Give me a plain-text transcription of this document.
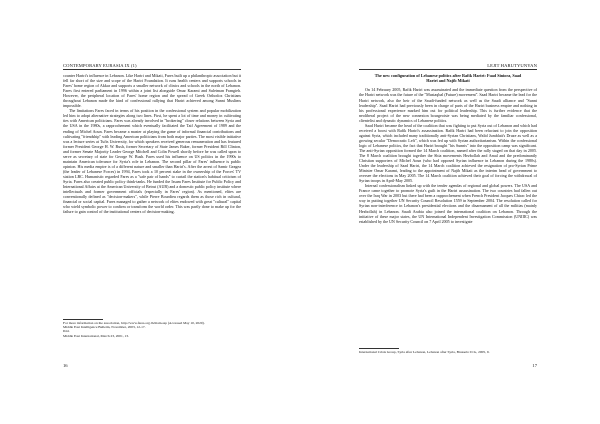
CONTEMPORARY EURASIA IX (1)

counter Hariri's influence in Lebanon. Like Hariri and Mikati, Fares built up a philanthropic association but it fell far short of the size and scope of the Hariri Foundation. It runs health centers and supports schools in Fares' home region of Akkar and supports a smaller network of clinics and schools in the north of Lebanon. Fares first entered parliament in 1996 within a joint list alongside Omar Karami and Suleiman Frangieh. However, the peripheral location of Fares' home region and the spread of Greek Orthodox Christians throughout Lebanon made the kind of confessional rallying that Hariri achieved among Sunni Muslims impossible.

The limitations Fares faced in terms of his position in the confessional system and popular mobilization led him to adopt alternative strategies along two lines. First, he spent a lot of time and money in cultivating ties with American politicians. Fares was already involved in "brokering" closer relations between Syria and the USA in the 1980s, a rapprochement which eventually facilitated the Taif Agreement of 1989 and the ending of Michel Aoun. Fares became a master at playing the game of informal financial contributions and cultivating "friendship" with leading American politicians from both major parties. The most visible initiative was a lecture series at Tufts University, for which speakers received generous remuneration and has featured former President George H. W. Bush, former Secretary of State James Baker, former President Bill Clinton, and former Senate Majority Leader George Mitchell and Colin Powell shortly before he was called upon to serve as secretary of state for George W. Bush. Fares used his influence on US politics in the 1990s to maintain American tolerance for Syria's role in Lebanon. The second pillar of Fares' influence is public opinion. His media empire is of a different nature and smaller than Hariri's. After the arrest of Samir Geagea (the leader of Lebanese Forces) in 1994, Fares took a 10 percent stake in the ownership of the Forces' TV station LBC. Humanistic regarded Fares as a "safe pair of hands" to curtail the station's habitual criticism of Syria. Fares also created public policy think-tanks. He funded the Issam Fares Institute for Public Policy and International Affairs at the American University of Beirut (AUB) and a domestic public policy institute where intellectuals and former government officials (especially in Fares' region). As mentioned, elites are conventionally defined as "decision-makers", while Pierre Bourdieu regards them as those rich in cultural, financial or social capital. Fares managed to gather a network of elites endowed with great "cultural" capital who wield symbolic power to confirm or transform the world order. This was partly done to make up for the failure to gain control of the institutional centers of decision-making.

For more information on the association, http://www.fares.org.lb/main.asp (Accessed May 10, 2020).

Middle East Intelligence Bulletin, November, 2003, 12-17.

Ibid.

Middle East International, March 23, 2001, 13.

16
LEJIT HARUTYUNYAN

The new configuration of Lebanese politics after Rafik Hariri: Fuad Siniora, Saad Hariri and Najib Mikati

On 14 February 2005, Rafik Hariri was assassinated and the immediate question from the perspective of the Hariri network was the future of the "Mustaqbal (Future) movement". Saad Hariri became the lead for the Hariri network, also the heir of the Saudi-funded network as well as the Saudi alliance and "Sunni leadership". Saad Hariri had previously been in charge of parts of the Hariri business empire and nothing in his professional experience marked him out for political leadership. This is further evidence that the neoliberal project of the new connexion bourgeoisie was being mediated by the familiar confessional, clientelist and dynastic dynamics of Lebanese politics.

Saad Hariri became the head of the coalition that was fighting to put Syria out of Lebanon and which had received a boost with Rafik Hariri's assassination. Rafik Hariri had been reluctant to join the opposition against Syria, which included many traditionally anti-Syrian Christians, Walid Jumblatt's Druze as well as a growing secular "Democratic Left", which was fed up with Syrian authoritarianism. Within the confessional logic of Lebanese politics, the fact that Hariri brought "his Sunnis" into the opposition camp was significant. The anti-Syrian opposition formed the 14 March coalition, named after the rally staged on that day in 2005. The 8 March coalition brought together the Shia movements Hezbollah and Amal and the predominantly Christian supporters of Michel Aoun (who had opposed Syrian influence in Lebanon during the 1980s). Under the leadership of Saad Hariri, the 14 March coalition achieved the resignation of pro-Syrian Prime Minister Omar Karami, leading to the appointment of Najib Mikati as the interim head of government to oversee the elections in May 2005. The 14 March coalition achieved their goal of forcing the withdrawal of Syrian troops in April-May 2005.

Internal confessionalism linked up with the tender agendas of regional and global powers. The USA and France came together to promote Syria's guilt in the Hariri assassination. The two countries had fallen out over the Iraq War in 2003 but there had been a rapprochement when French President Jacques Chirac led the way in putting together UN Security Council Resolution 1559 in September 2004. The resolution called for Syrian non-interference in Lebanon's presidential elections and the disarmament of all the militias (mainly Hezbollah) in Lebanon. Saudi Arabia also joined the international coalition on Lebanon. Through the initiative of these major states, the UN International Independent Investigation Commission (UNIIIC) was established by the UN Security Council on 7 April 2005 to investigate

International Crisis Group, Syria after Lebanon, Lebanon after Syria, Brussels: ICG, 2005, 9.

17
